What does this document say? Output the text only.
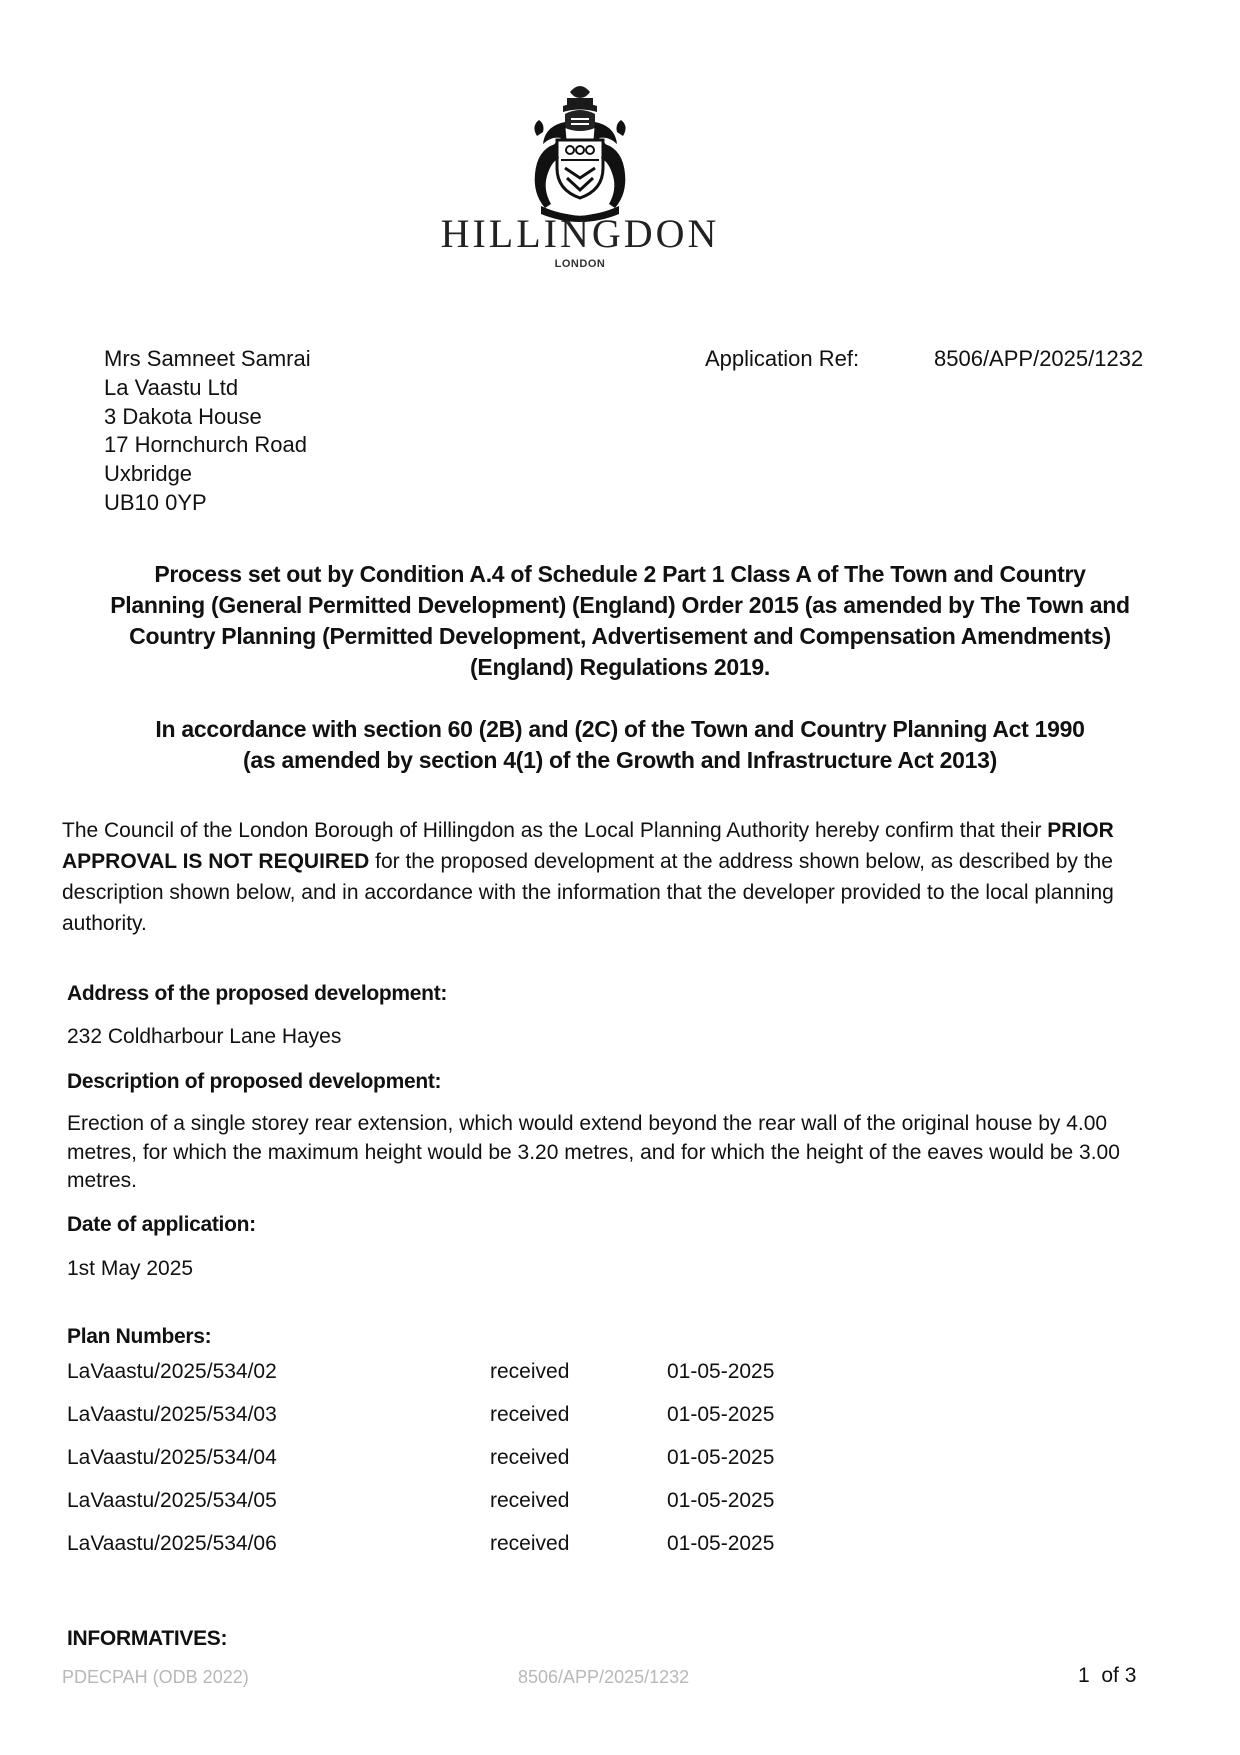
HILLINGDON
LONDON
Mrs Samneet Samrai
La Vaastu Ltd
3 Dakota House
17 Hornchurch Road
Uxbridge
UB10 0YP
Application Ref:	8506/APP/2025/1232
Process set out by Condition A.4 of Schedule 2 Part 1 Class A of The Town and Country
Planning (General Permitted Development) (England) Order 2015 (as amended by The Town and
Country Planning (Permitted Development, Advertisement and Compensation Amendments)
(England) Regulations 2019.
In accordance with section 60 (2B) and (2C) of the Town and Country Planning Act 1990
(as amended by section 4(1) of the Growth and Infrastructure Act 2013)
The Council of the London Borough of Hillingdon as the Local Planning Authority hereby confirm that their PRIOR APPROVAL IS NOT REQUIRED for the proposed development at the address shown below, as described by the description shown below, and in accordance with the information that the developer provided to the local planning authority.
Address of the proposed development:
232 Coldharbour Lane Hayes
Description of proposed development:
Erection of a single storey rear extension, which would extend beyond the rear wall of the original house by 4.00 metres, for which the maximum height would be 3.20 metres, and for which the height of the eaves would be 3.00 metres.
Date of application:
1st May 2025
Plan Numbers:
LaVaastu/2025/534/02	received	01-05-2025
LaVaastu/2025/534/03	received	01-05-2025
LaVaastu/2025/534/04	received	01-05-2025
LaVaastu/2025/534/05	received	01-05-2025
LaVaastu/2025/534/06	received	01-05-2025
INFORMATIVES:
PDECPAH (ODB 2022)	8506/APP/2025/1232	1  of 3
